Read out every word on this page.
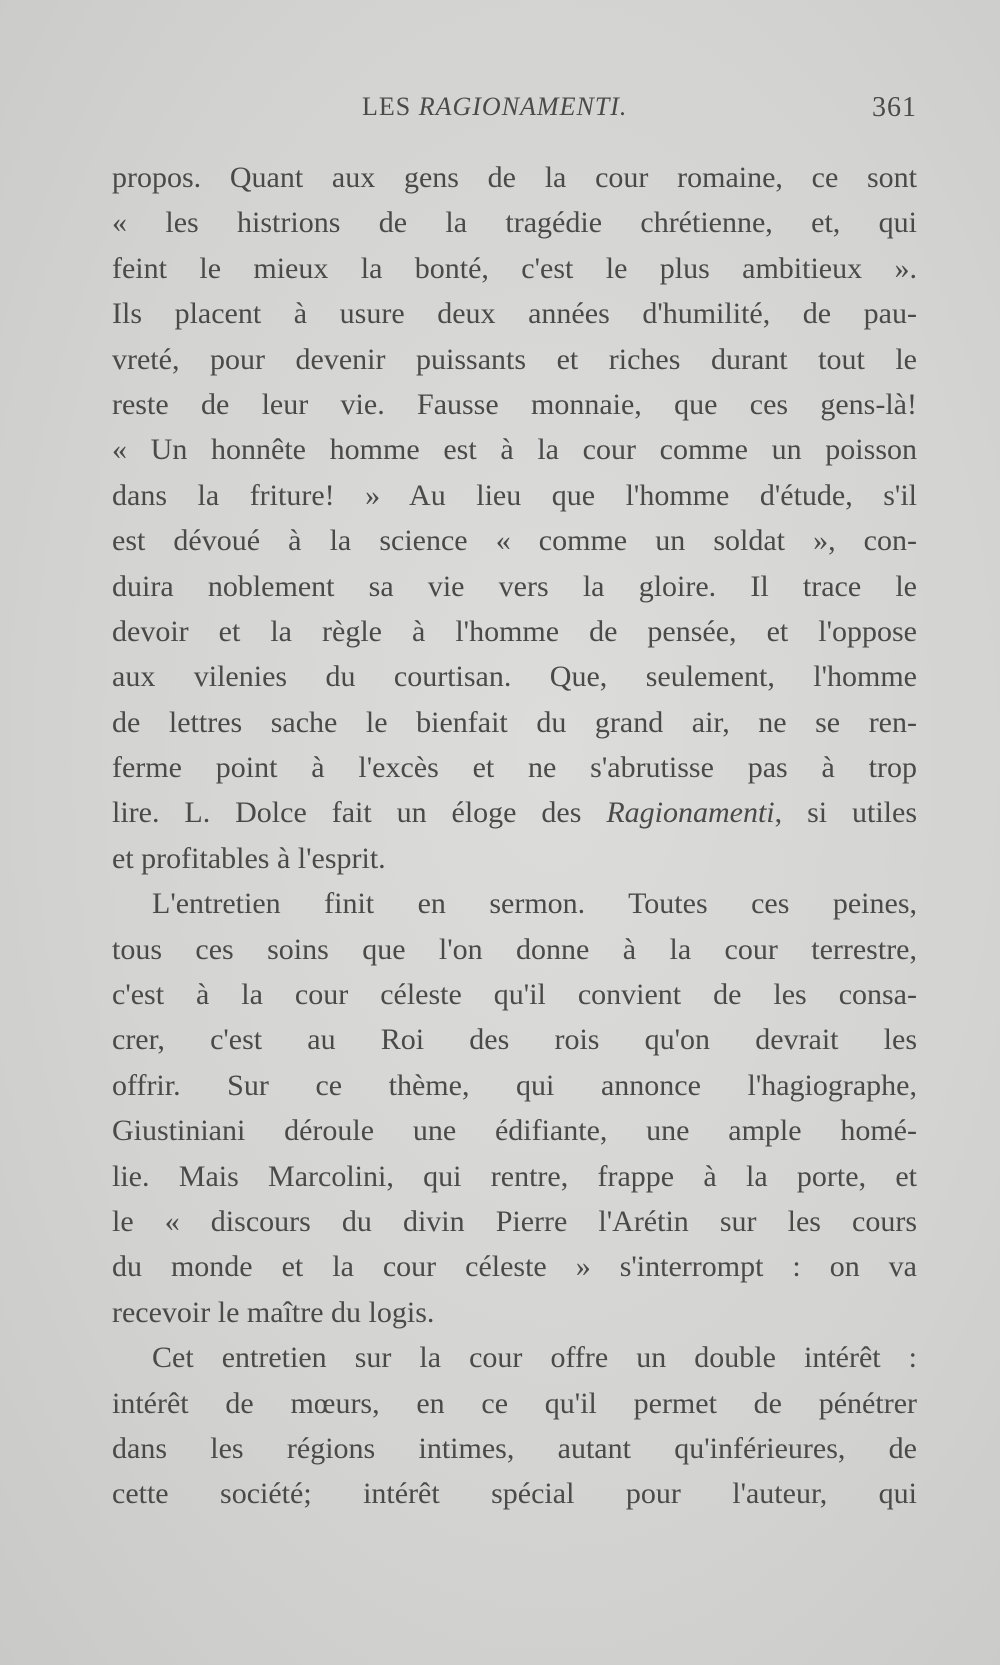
LES RAGIONAMENTI.	361
propos. Quant aux gens de la cour romaine, ce sont
« les histrions de la tragédie chrétienne, et, qui
feint le mieux la bonté, c'est le plus ambitieux ».
Ils placent à usure deux années d'humilité, de pau-
vreté, pour devenir puissants et riches durant tout le
reste de leur vie. Fausse monnaie, que ces gens-là!
« Un honnête homme est à la cour comme un poisson
dans la friture! » Au lieu que l'homme d'étude, s'il
est dévoué à la science « comme un soldat », con-
duira noblement sa vie vers la gloire. Il trace le
devoir et la règle à l'homme de pensée, et l'oppose
aux vilenies du courtisan. Que, seulement, l'homme
de lettres sache le bienfait du grand air, ne se ren-
ferme point à l'excès et ne s'abrutisse pas à trop
lire. L. Dolce fait un éloge des Ragionamenti, si utiles
et profitables à l'esprit.
L'entretien finit en sermon. Toutes ces peines,
tous ces soins que l'on donne à la cour terrestre,
c'est à la cour céleste qu'il convient de les consa-
crer, c'est au Roi des rois qu'on devrait les
offrir. Sur ce thème, qui annonce l'hagiographe,
Giustiniani déroule une édifiante, une ample homé-
lie. Mais Marcolini, qui rentre, frappe à la porte, et
le « discours du divin Pierre l'Arétin sur les cours
du monde et la cour céleste » s'interrompt : on va
recevoir le maître du logis.
Cet entretien sur la cour offre un double intérêt :
intérêt de mœurs, en ce qu'il permet de pénétrer
dans les régions intimes, autant qu'inférieures, de
cette société; intérêt spécial pour l'auteur, qui
